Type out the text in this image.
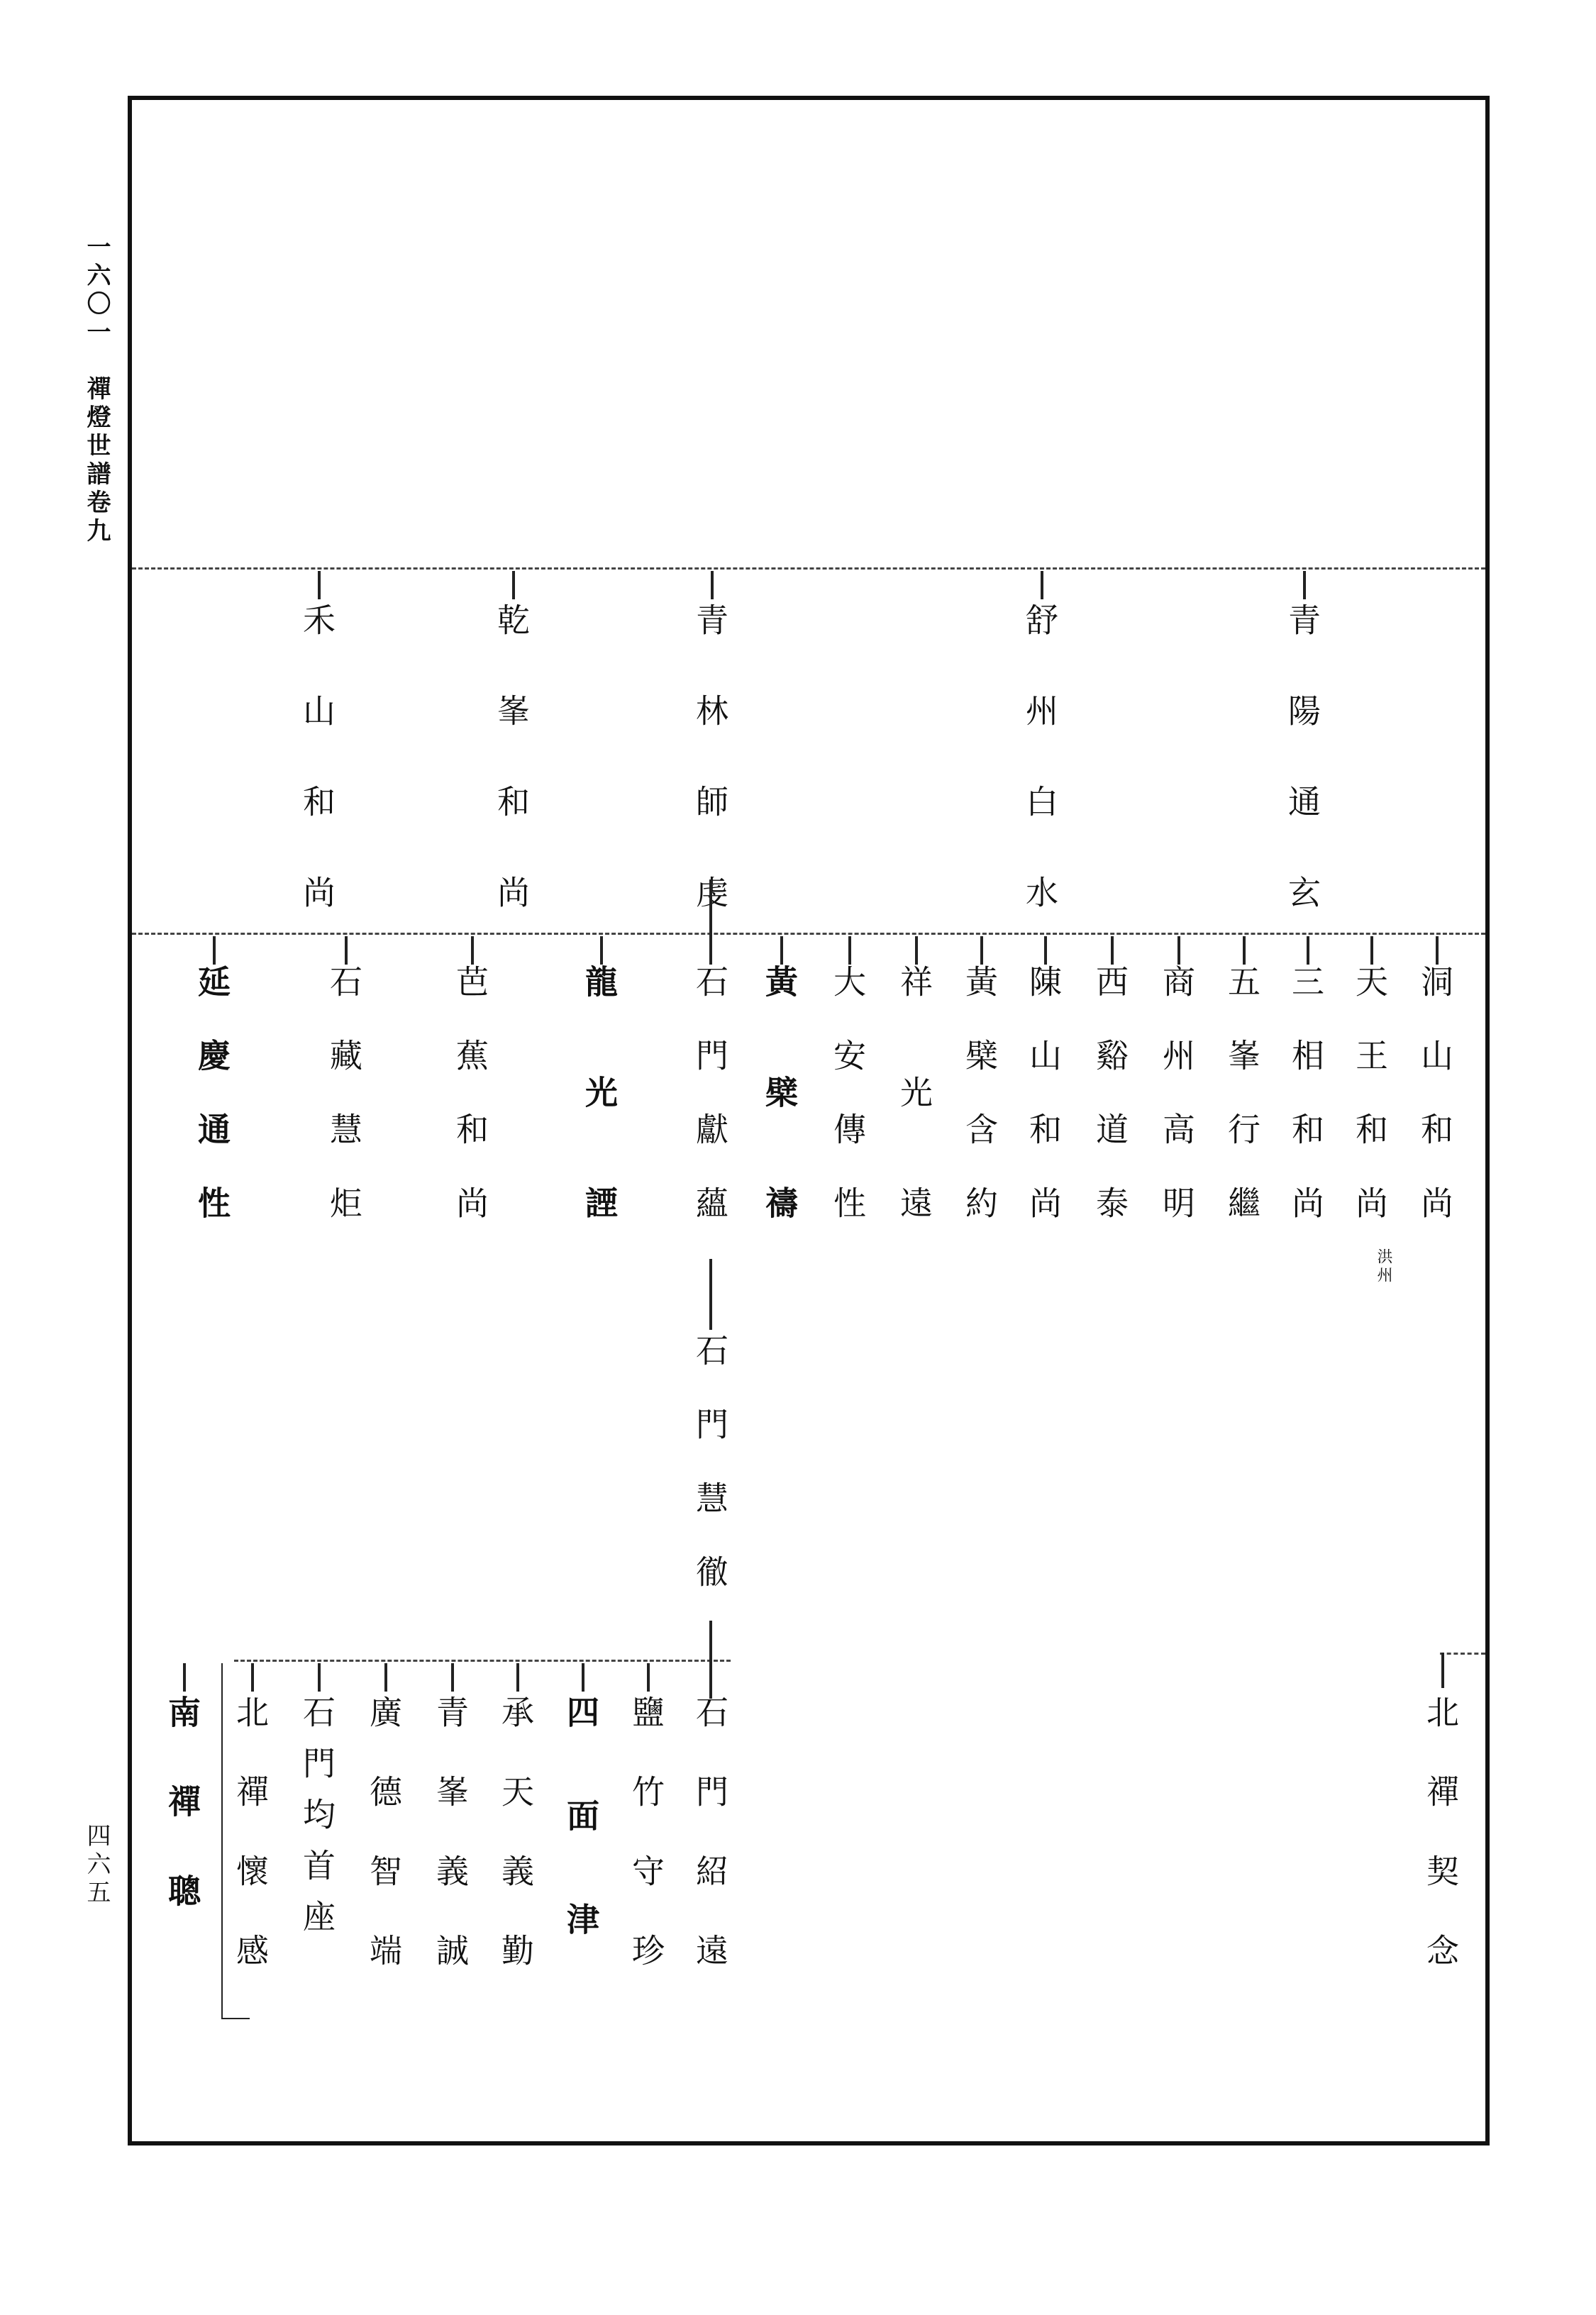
一六〇一　禪燈世譜卷九
四六五
禾山和尚	乾峯和尚	青林師虔	舒州白水	青陽通玄
延慶通性	石藏慧炬	芭蕉和尚	龍光諲 石門獻蘊 黃檗禱 大安傳性 祥光遠 黃檗含約 陳山和尚 西谿道泰 商州高明 五峯行繼 三相和尚 天王和尚
洪州
洞山和尚
石門慧徹
南禪聰 北禪懷感 石門均首座 廣德智端 青峯義誠 承天義勤 四面津 鹽竹守珍 石門紹遠	北禪契念
